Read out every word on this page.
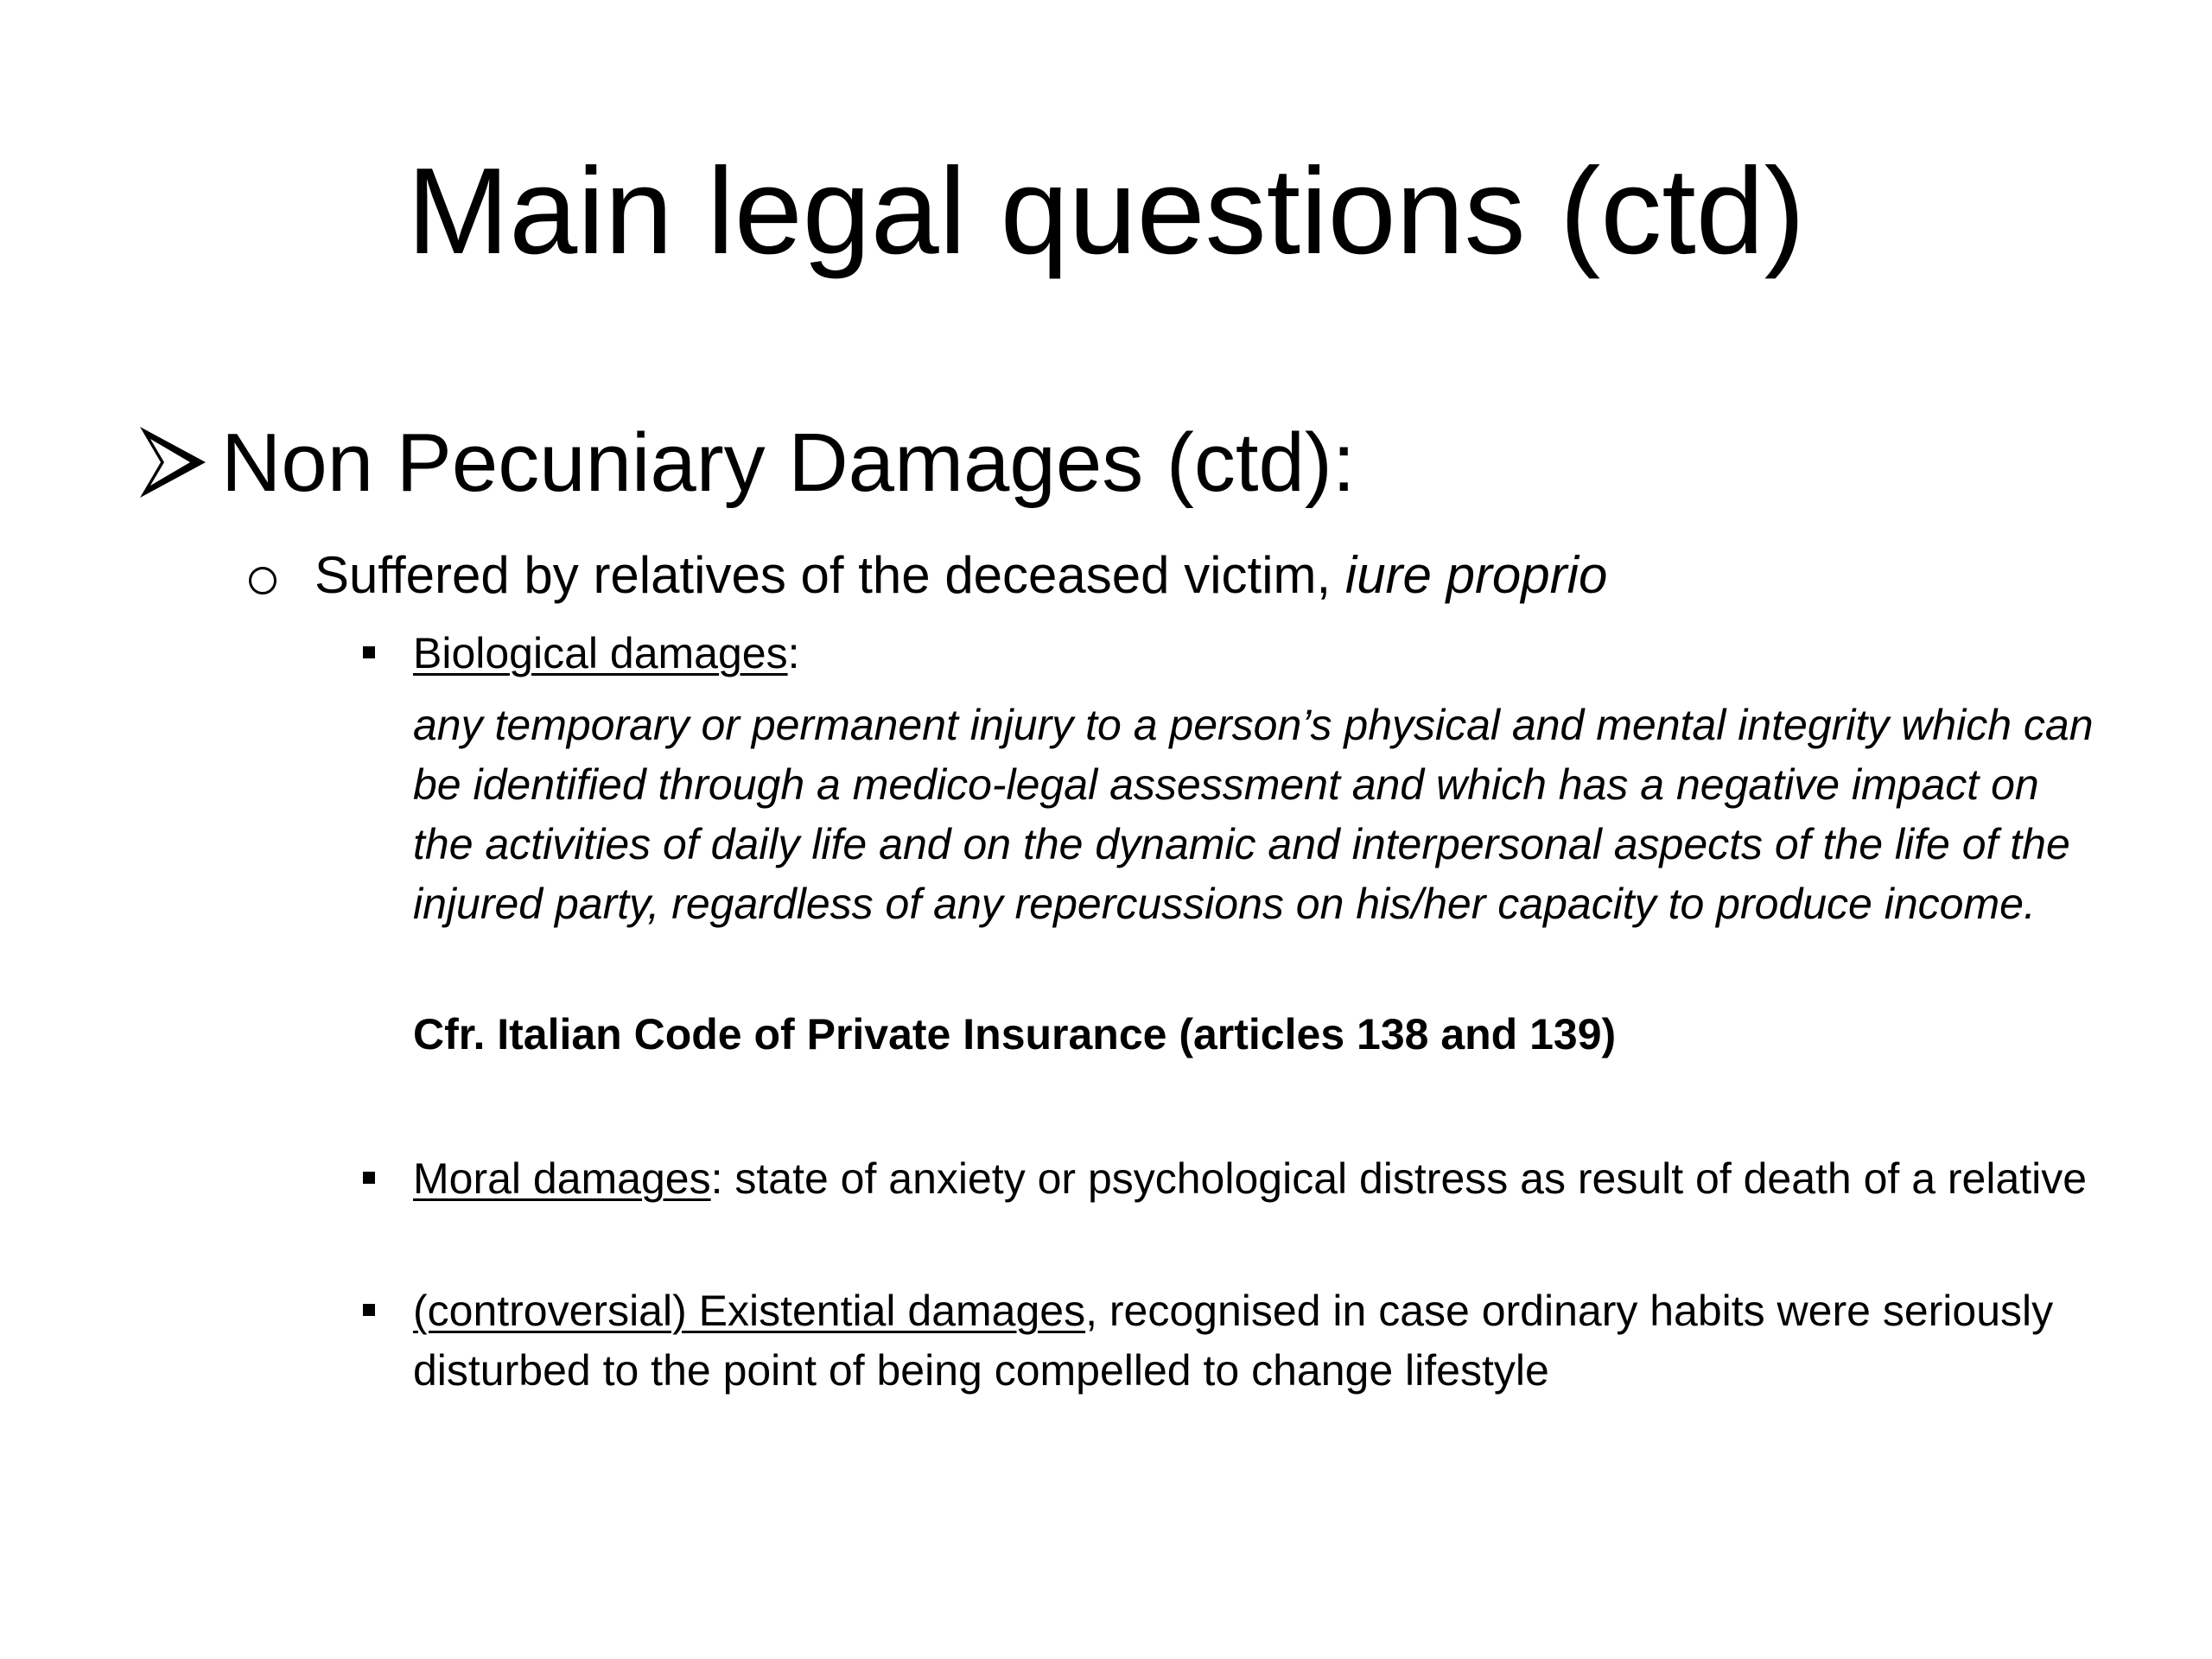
Main legal questions (ctd)
Non Pecuniary Damages (ctd):
Suffered by relatives of the deceased victim, iure proprio
Biological damages:
any temporary or permanent injury to a person’s physical and mental integrity which can be identified through a medico-legal assessment and which has a negative impact on the activities of daily life and on the dynamic and interpersonal aspects of the life of the injured party, regardless of any repercussions on his/her capacity to produce income.
Cfr. Italian Code of Private Insurance (articles 138 and 139)
Moral damages: state of anxiety or psychological distress as result of death of a relative
(controversial) Existential damages, recognised in case ordinary habits were seriously disturbed to the point of being compelled to change lifestyle
